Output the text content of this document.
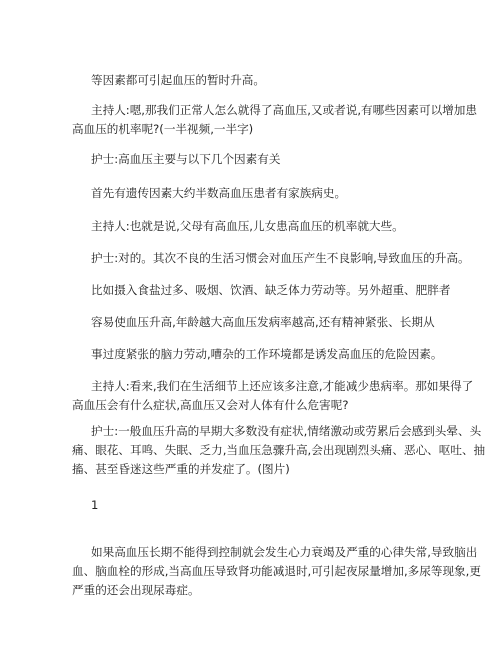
等因素都可引起血压的暂时升高。
主持人:嗯,那我们正常人怎么就得了高血压,又或者说,有哪些因素可以增加患
高血压的机率呢?(一半视频,一半字)
护士:高血压主要与以下几个因素有关
首先有遗传因素大约半数高血压患者有家族病史。
主持人:也就是说,父母有高血压,儿女患高血压的机率就大些。
护士:对的。其次不良的生活习惯会对血压产生不良影响,导致血压的升高。
比如摄入食盐过多、吸烟、饮酒、缺乏体力劳动等。另外超重、肥胖者
容易使血压升高,年龄越大高血压发病率越高,还有精神紧张、长期从
事过度紧张的脑力劳动,嘈杂的工作环境都是诱发高血压的危险因素。
主持人:看来,我们在生活细节上还应该多注意,才能减少患病率。那如果得了
高血压会有什么症状,高血压又会对人体有什么危害呢?
护士:一般血压升高的早期大多数没有症状,情绪激动或劳累后会感到头晕、头
痛、眼花、耳鸣、失眠、乏力,当血压急骤升高,会出现剧烈头痛、恶心、呕吐、抽
搐、甚至昏迷这些严重的并发症了。(图片)
1
如果高血压长期不能得到控制就会发生心力衰竭及严重的心律失常,导致脑出
血、脑血栓的形成,当高血压导致肾功能减退时,可引起夜尿量增加,多尿等现象,更
严重的还会出现尿毒症。
